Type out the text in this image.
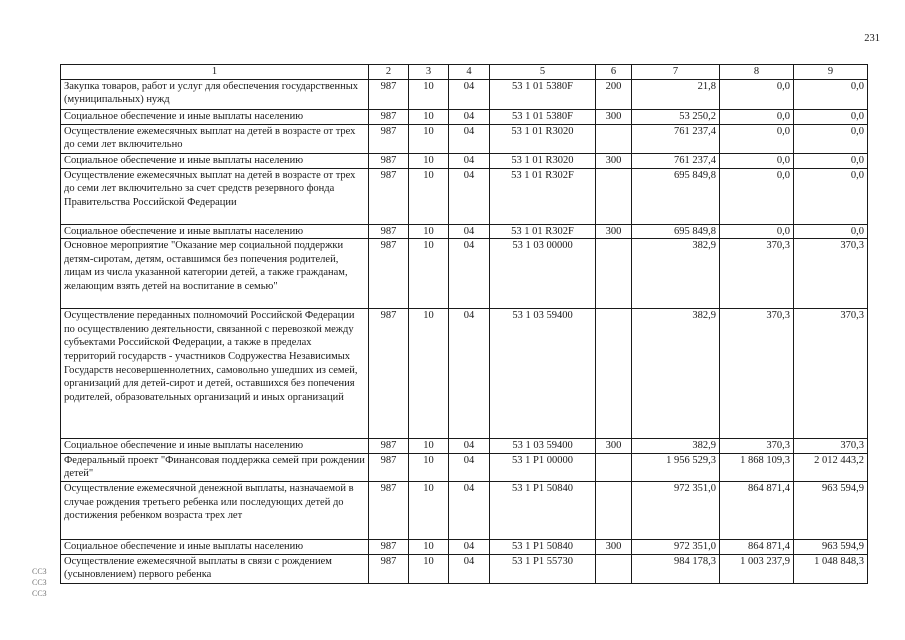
231
ССЗ
ССЗ
ССЗ
1	2	3	4	5	6	7	8	9
Закупка товаров, работ и услуг для обеспечения государственных (муниципальных) нужд	987	10	04	53 1 01 5380F	200	21,8	0,0	0,0
Социальное обеспечение и иные выплаты населению	987	10	04	53 1 01 5380F	300	53 250,2	0,0	0,0
Осуществление ежемесячных выплат на детей в возрасте от трех до семи лет включительно	987	10	04	53 1 01 R3020		761 237,4	0,0	0,0
Социальное обеспечение и иные выплаты населению	987	10	04	53 1 01 R3020	300	761 237,4	0,0	0,0
Осуществление ежемесячных выплат на детей в возрасте от трех до семи лет включительно за счет средств резервного фонда Правительства Российской Федерации	987	10	04	53 1 01 R302F		695 849,8	0,0	0,0
Социальное обеспечение и иные выплаты населению	987	10	04	53 1 01 R302F	300	695 849,8	0,0	0,0
Основное мероприятие "Оказание мер социальной поддержки детям-сиротам, детям, оставшимся без попечения родителей, лицам из числа указанной категории детей, а также гражданам, желающим взять детей на воспитание в семью"	987	10	04	53 1 03 00000		382,9	370,3	370,3
Осуществление переданных полномочий Российской Федерации по осуществлению деятельности, связанной с перевозкой между субъектами Российской Федерации, а также в пределах территорий государств - участников Содружества Независимых Государств несовершеннолетних, самовольно ушедших из семей, организаций для детей-сирот и детей, оставшихся без попечения родителей, образовательных организаций и иных организаций	987	10	04	53 1 03 59400		382,9	370,3	370,3
Социальное обеспечение и иные выплаты населению	987	10	04	53 1 03 59400	300	382,9	370,3	370,3
Федеральный проект "Финансовая поддержка семей при рождении детей"	987	10	04	53 1 P1 00000		1 956 529,3	1 868 109,3	2 012 443,2
Осуществление ежемесячной денежной выплаты, назначаемой в случае рождения третьего ребенка или последующих детей до достижения ребенком возраста трех лет	987	10	04	53 1 P1 50840		972 351,0	864 871,4	963 594,9
Социальное обеспечение и иные выплаты населению	987	10	04	53 1 P1 50840	300	972 351,0	864 871,4	963 594,9
Осуществление ежемесячной выплаты в связи с рождением (усыновлением) первого ребенка	987	10	04	53 1 P1 55730		984 178,3	1 003 237,9	1 048 848,3
